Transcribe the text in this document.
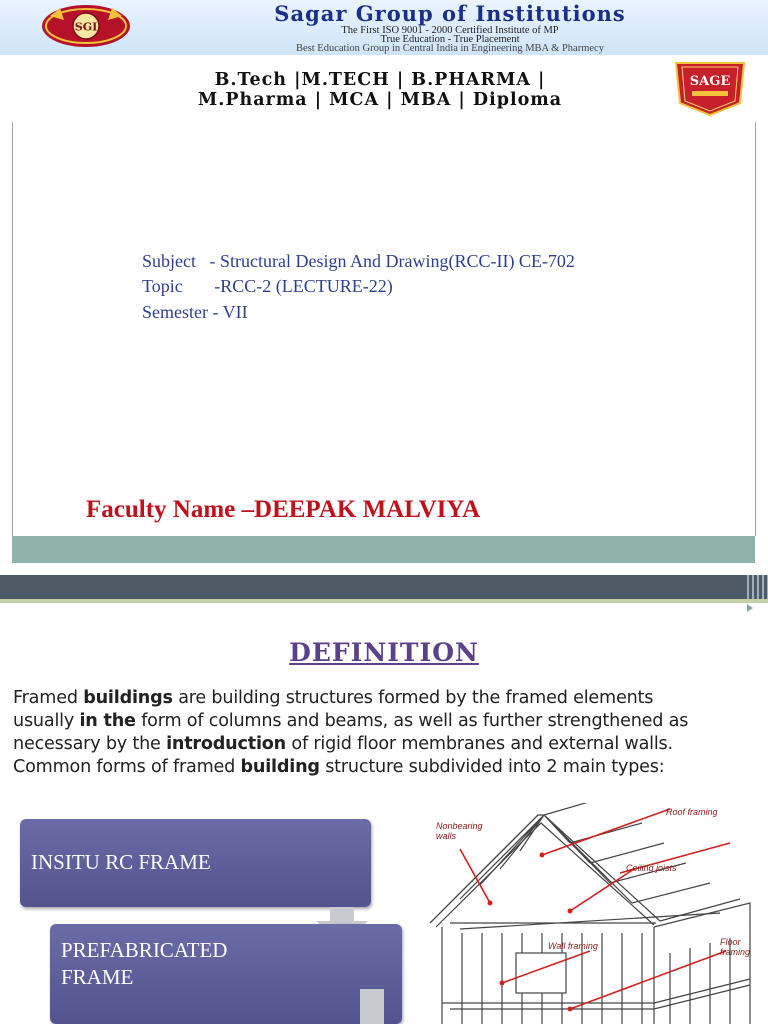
SGI
Sagar Group of Institutions
The First ISO 9001 - 2000 Certified Institute of MP
True Education - True Placement
Best Education Group in Central India in Engineering MBA & Pharmecy
B.Tech |M.TECH | B.PHARMA |
M.Pharma | MCA | MBA | Diploma
SAGE
Subject   - Structural Design And Drawing(RCC-II) CE-702
Topic       -RCC-2 (LECTURE-22)
Semester - VII
Faculty Name –DEEPAK MALVIYA
DEFINITION
Framed buildings are building structures formed by the framed elements
usually in the form of columns and beams, as well as further strengthened as
necessary by the introduction of rigid floor membranes and external walls.
Common forms of framed building structure subdivided into 2 main types:
INSITU RC FRAME
PREFABRICATED
FRAME
Nonbearing walls
Roof framing
Ceiling joists
Wall framing	Floor framing
